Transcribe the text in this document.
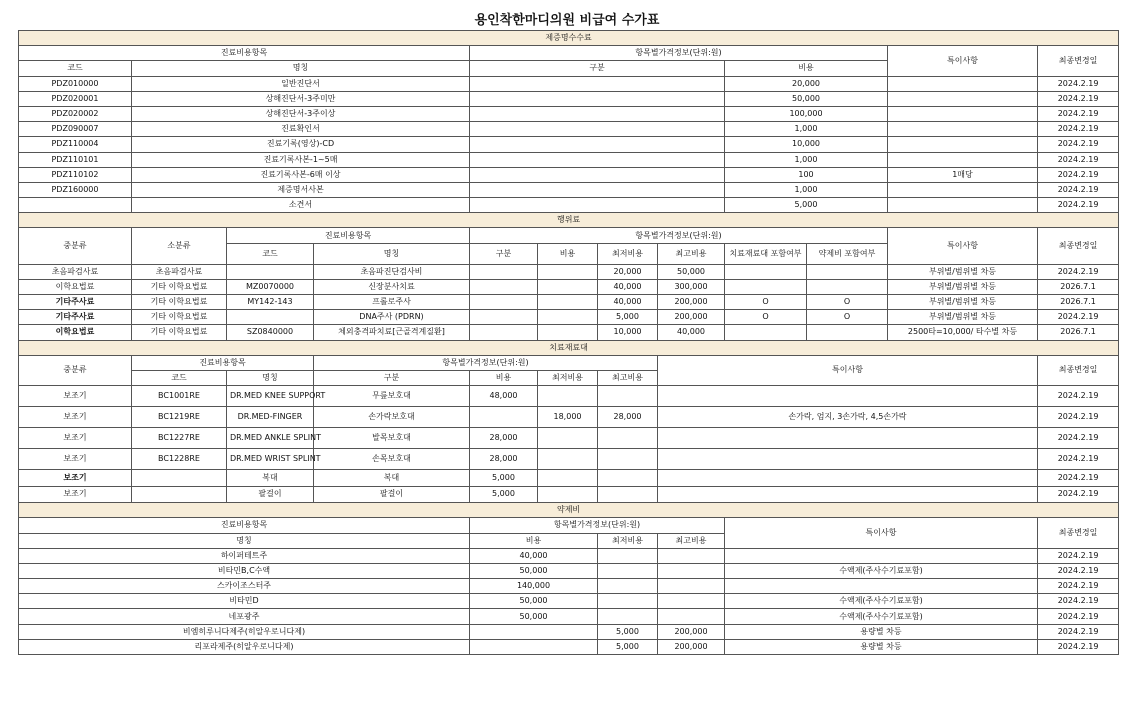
용인착한마디의원 비급여 수가표
제증명수수료											
진료비용항목				항목별가격정보(단위:원)						특이사항	최종변경일
코드	명칭			구분				비용			
PDZ010000	일반진단서							20,000			2024.2.19
PDZ020001	상해진단서-3주미만							50,000			2024.2.19
PDZ020002	상해진단서-3주이상							100,000			2024.2.19
PDZ090007	진료확인서							1,000			2024.2.19
PDZ110004	진료기록(영상)-CD							10,000			2024.2.19
PDZ110101	진료기록사본-1~5매							1,000			2024.2.19
PDZ110102	진료기록사본-6매 이상							100		1매당	2024.2.19
PDZ160000	제증명서사본							1,000			2024.2.19
	소견서							5,000			2024.2.19
행위료											
중분류	소분류	진료비용항목		항목별가격정보(단위:원)						특이사항	최종변경일
		코드	명칭	구분	비용	최저비용	최고비용	치료재료대 포함여부	약제비 포함여부		
초음파검사료	초음파검사료		초음파진단검사비			20,000	50,000			부위별/범위별 차등	2024.2.19
이학요법료	기타 이학요법료	MZ0070000	신장분사치료			40,000	300,000			부위별/범위별 차등	2026.7.1
기타주사료	기타 이학요법료	MY142-143	프롤로주사			40,000	200,000	O	O	부위별/범위별 차등	2026.7.1
기타주사료	기타 이학요법료		DNA주사 (PDRN)			5,000	200,000	O	O	부위별/범위별 차등	2024.2.19
이학요법료	기타 이학요법료	SZ0840000	체외충격파치료[근골격계질환]			10,000	40,000			2500타=10,000/ 타수별 차등	2026.7.1
치료재료대											
중분류	진료비용항목		항목별가격정보(단위:원)				특이사항				최종변경일
	코드	명칭	구분	비용	최저비용	최고비용					
보조기	BC1001RE	DR.MED KNEE SUPPORT	무릎보호대	48,000							2024.2.19
보조기	BC1219RE	DR.MED-FINGER	손가락보호대		18,000	28,000	손가락, 엄지, 3손가락, 4,5손가락				2024.2.19
보조기	BC1227RE	DR.MED ANKLE SPLINT	발목보호대	28,000							2024.2.19
보조기	BC1228RE	DR.MED WRIST SPLINT	손목보호대	28,000							2024.2.19
보조기		복대	복대	5,000							2024.2.19
보조기		팔걸이	팔걸이	5,000							2024.2.19
약제비											
진료비용항목				항목별가격정보(단위:원)				특이사항			최종변경일
명칭				비용		최저비용	최고비용				
하이퍼테트주				40,000							2024.2.19
비타민B,C수액				50,000				수액제(주사수기료포함)			2024.2.19
스카이조스터주				140,000							2024.2.19
비타민D				50,000				수액제(주사수기료포함)			2024.2.19
네포광주				50,000				수액제(주사수기료포함)			2024.2.19
비엠히루니다제주(히알우로니다제)						5,000	200,000	용량별 차등			2024.2.19
리포라제주(히알우로니다제)						5,000	200,000	용량별 차등			2024.2.19
